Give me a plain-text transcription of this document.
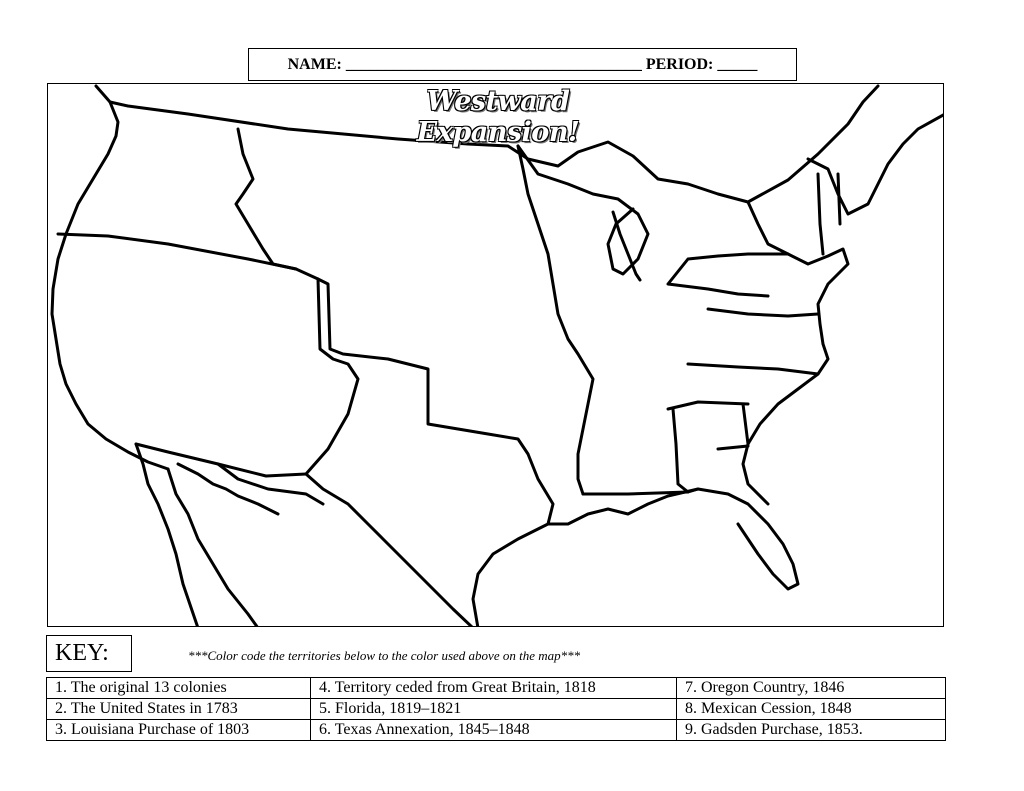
NAME: _____________________________________ PERIOD: _____
Westward Expansion!
KEY:	***Color code the territories below to the color used above on the map***
1. The original 13 colonies	4. Territory ceded from Great Britain, 1818	7. Oregon Country, 1846
2. The United States in 1783	5. Florida, 1819–1821	8. Mexican Cession, 1848
3. Louisiana Purchase of 1803	6. Texas Annexation, 1845–1848	9. Gadsden Purchase, 1853.
